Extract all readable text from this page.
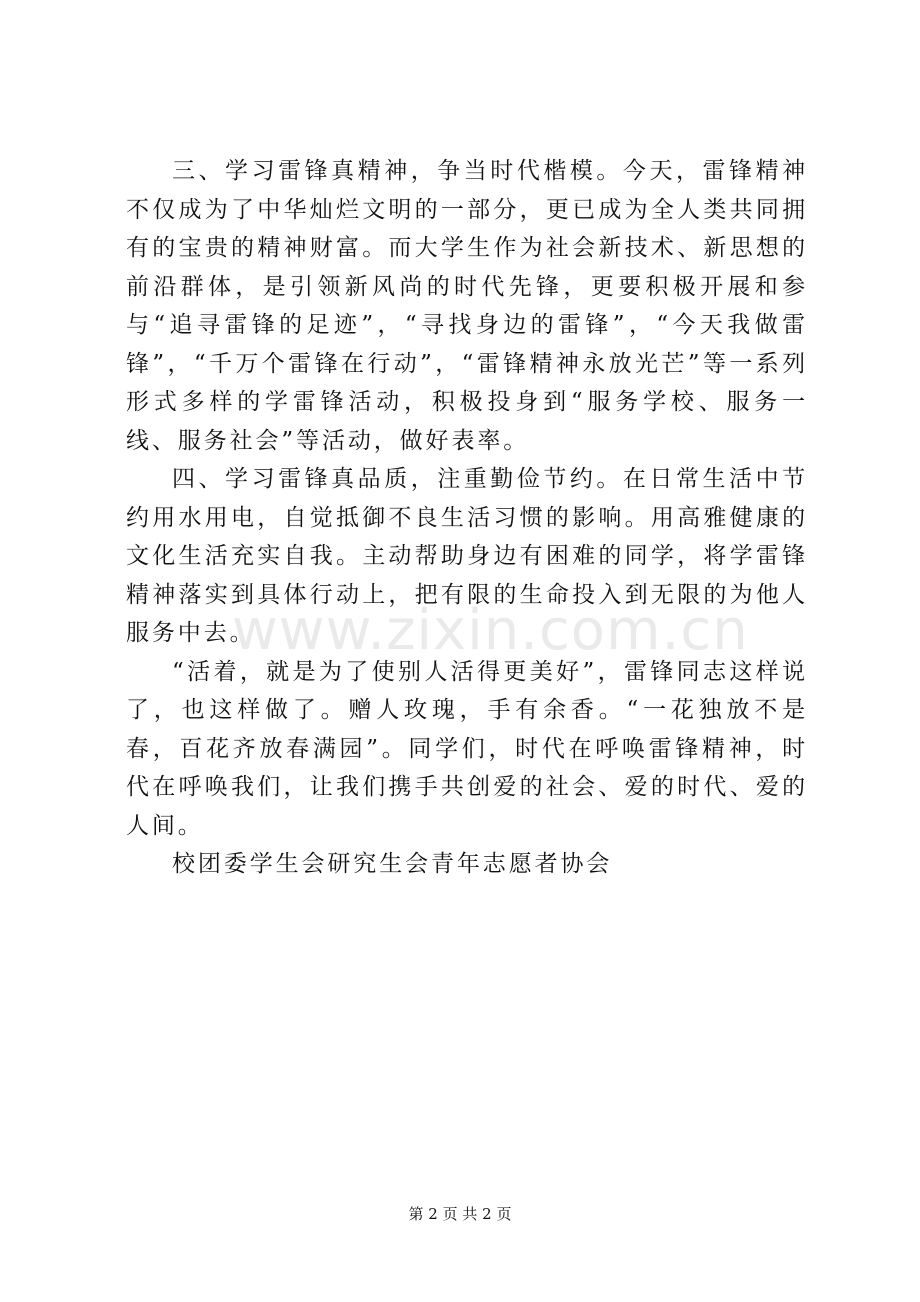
三、学习雷锋真精神，争当时代楷模。今天，雷锋精神不仅成为了中华灿烂文明的一部分，更已成为全人类共同拥有的宝贵的精神财富。而大学生作为社会新技术、新思想的前沿群体，是引领新风尚的时代先锋，更要积极开展和参与“追寻雷锋的足迹”，“寻找身边的雷锋”，“今天我做雷锋”，“千万个雷锋在行动”，“雷锋精神永放光芒”等一系列形式多样的学雷锋活动，积极投身到“服务学校、服务一线、服务社会”等活动，做好表率。

四、学习雷锋真品质，注重勤俭节约。在日常生活中节约用水用电，自觉抵御不良生活习惯的影响。用高雅健康的文化生活充实自我。主动帮助身边有困难的同学，将学雷锋精神落实到具体行动上，把有限的生命投入到无限的为他人服务中去。

“活着，就是为了使别人活得更美好”，雷锋同志这样说了，也这样做了。赠人玫瑰，手有余香。“一花独放不是春，百花齐放春满园”。同学们，时代在呼唤雷锋精神，时代在呼唤我们，让我们携手共创爱的社会、爱的时代、爱的人间。

校团委学生会研究生会青年志愿者协会

www.zixin.com.cn
第 2 页 共 2 页
